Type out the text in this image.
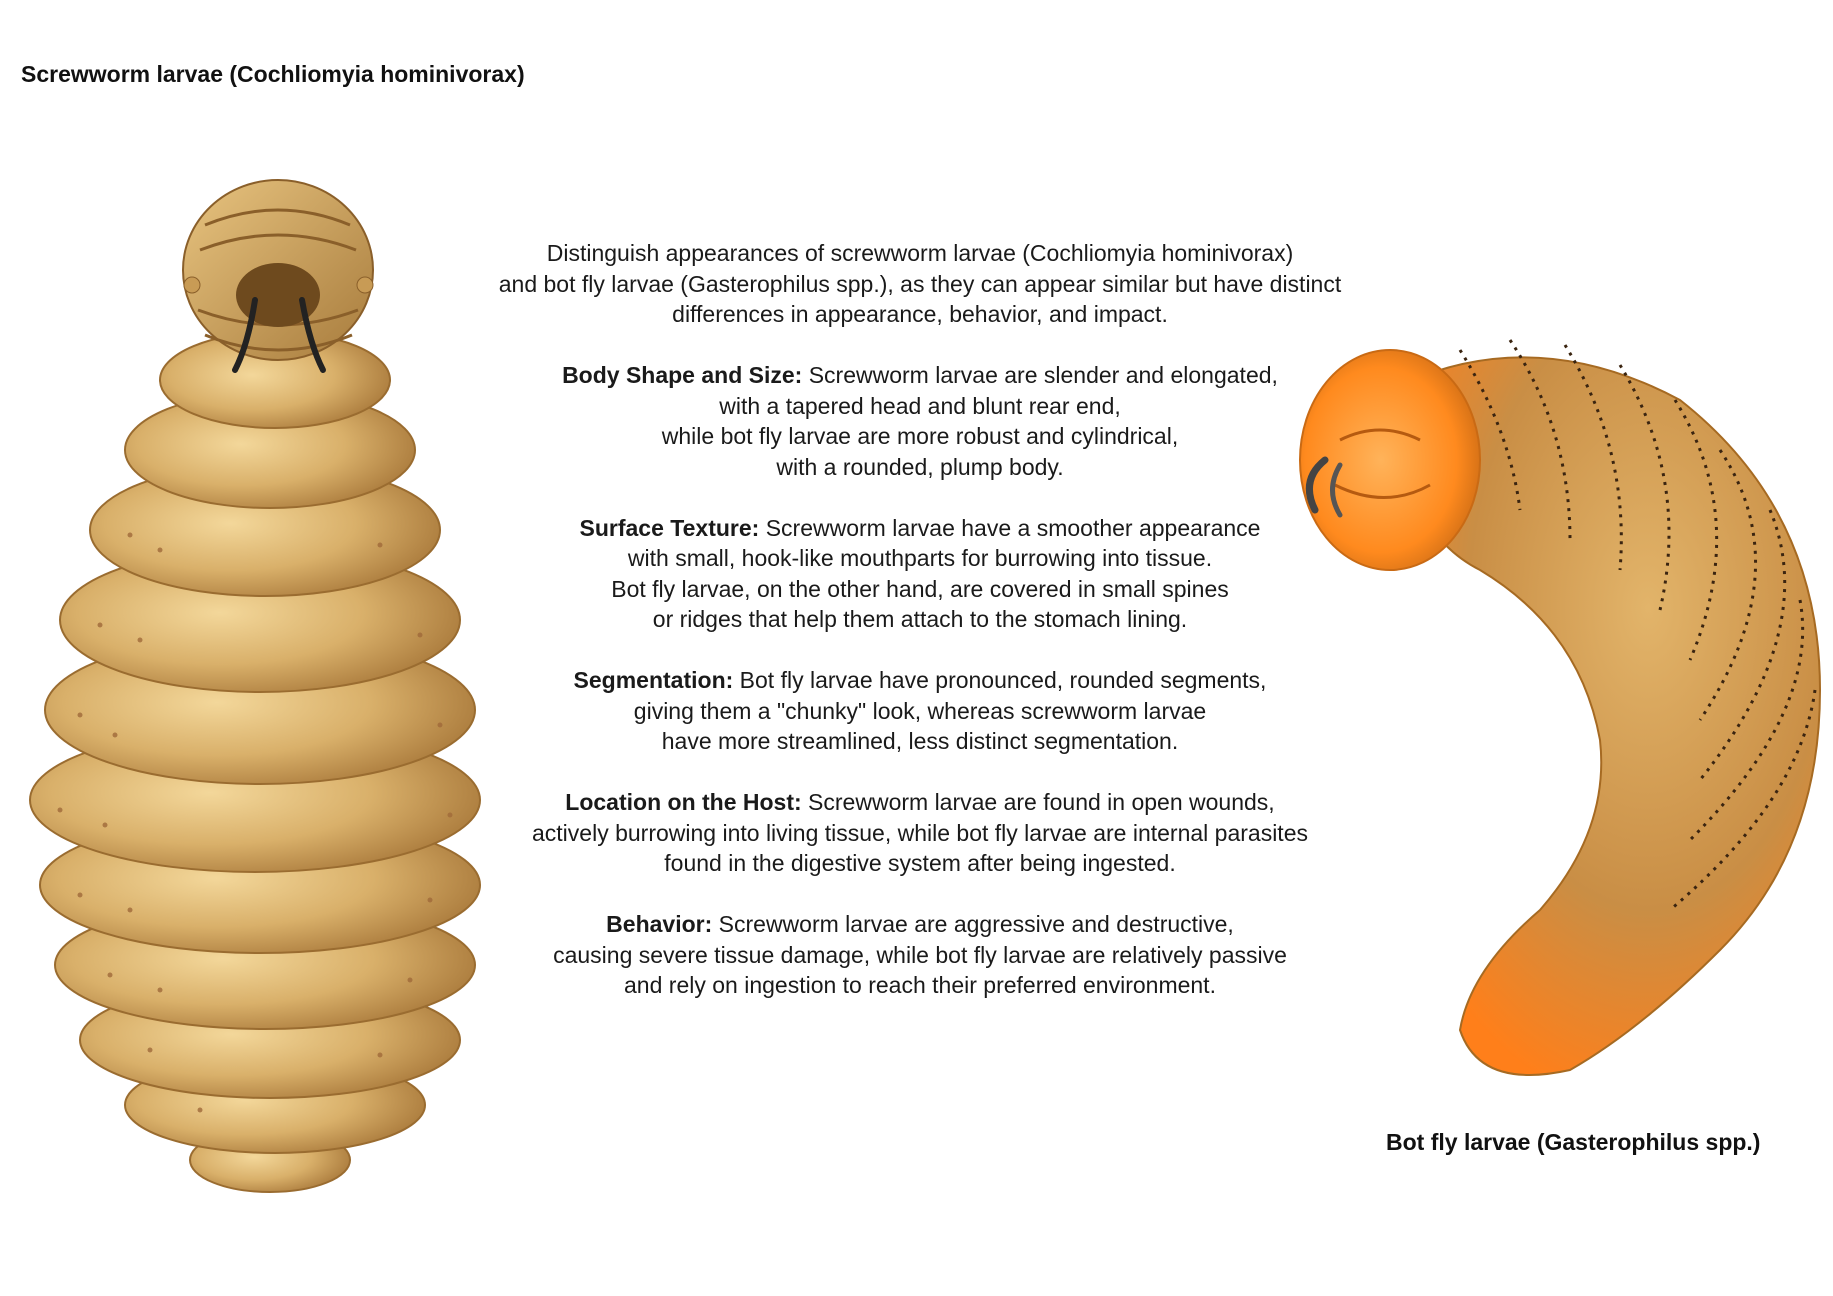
Screwworm larvae (Cochliomyia hominivorax)

Distinguish appearances of screwworm larvae (Cochliomyia hominivorax)
and bot fly larvae (Gasterophilus spp.), as they can appear similar but have distinct
differences in appearance, behavior, and impact.

Body Shape and Size: Screwworm larvae are slender and elongated,
with a tapered head and blunt rear end,
while bot fly larvae are more robust and cylindrical,
with a rounded, plump body.

Surface Texture: Screwworm larvae have a smoother appearance
with small, hook-like mouthparts for burrowing into tissue.
Bot fly larvae, on the other hand, are covered in small spines
or ridges that help them attach to the stomach lining.

Segmentation: Bot fly larvae have pronounced, rounded segments,
giving them a "chunky" look, whereas screwworm larvae
have more streamlined, less distinct segmentation.

Location on the Host: Screwworm larvae are found in open wounds,
actively burrowing into living tissue, while bot fly larvae are internal parasites
found in the digestive system after being ingested.

Behavior: Screwworm larvae are aggressive and destructive,
causing severe tissue damage, while bot fly larvae are relatively passive
and rely on ingestion to reach their preferred environment.

Bot fly larvae (Gasterophilus spp.)
